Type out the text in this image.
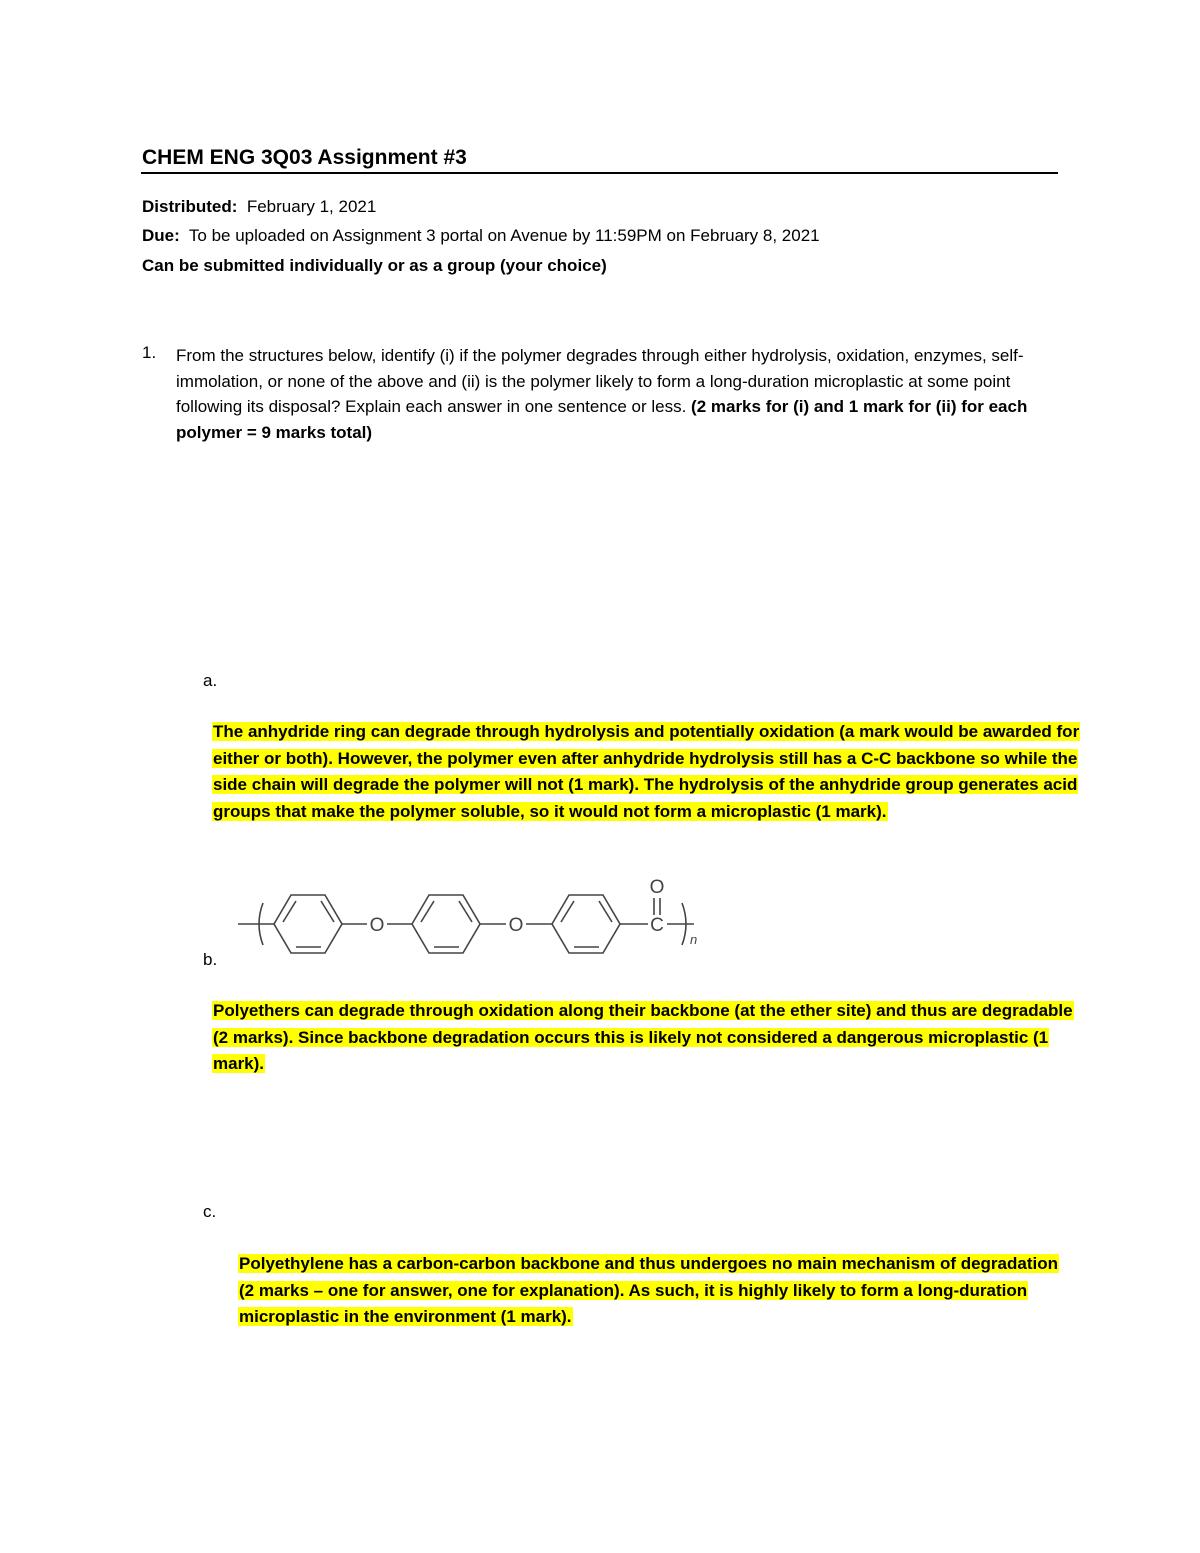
CHEM ENG 3Q03 Assignment #3
Distributed: February 1, 2021
Due: To be uploaded on Assignment 3 portal on Avenue by 11:59PM on February 8, 2021
Can be submitted individually or as a group (your choice)
1. From the structures below, identify (i) if the polymer degrades through either hydrolysis, oxidation, enzymes, self-immolation, or none of the above and (ii) is the polymer likely to form a long-duration microplastic at some point following its disposal? Explain each answer in one sentence or less. (2 marks for (i) and 1 mark for (ii) for each polymer = 9 marks total)
a.
The anhydride ring can degrade through hydrolysis and potentially oxidation (a mark would be awarded for either or both). However, the polymer even after anhydride hydrolysis still has a C-C backbone so while the side chain will degrade the polymer will not (1 mark). The hydrolysis of the anhydride group generates acid groups that make the polymer soluble, so it would not form a microplastic (1 mark).
O	O
O
C
n
b.
Polyethers can degrade through oxidation along their backbone (at the ether site) and thus are degradable (2 marks). Since backbone degradation occurs this is likely not considered a dangerous microplastic (1 mark).
c.
Polyethylene has a carbon-carbon backbone and thus undergoes no main mechanism of degradation (2 marks – one for answer, one for explanation). As such, it is highly likely to form a long-duration microplastic in the environment (1 mark).
